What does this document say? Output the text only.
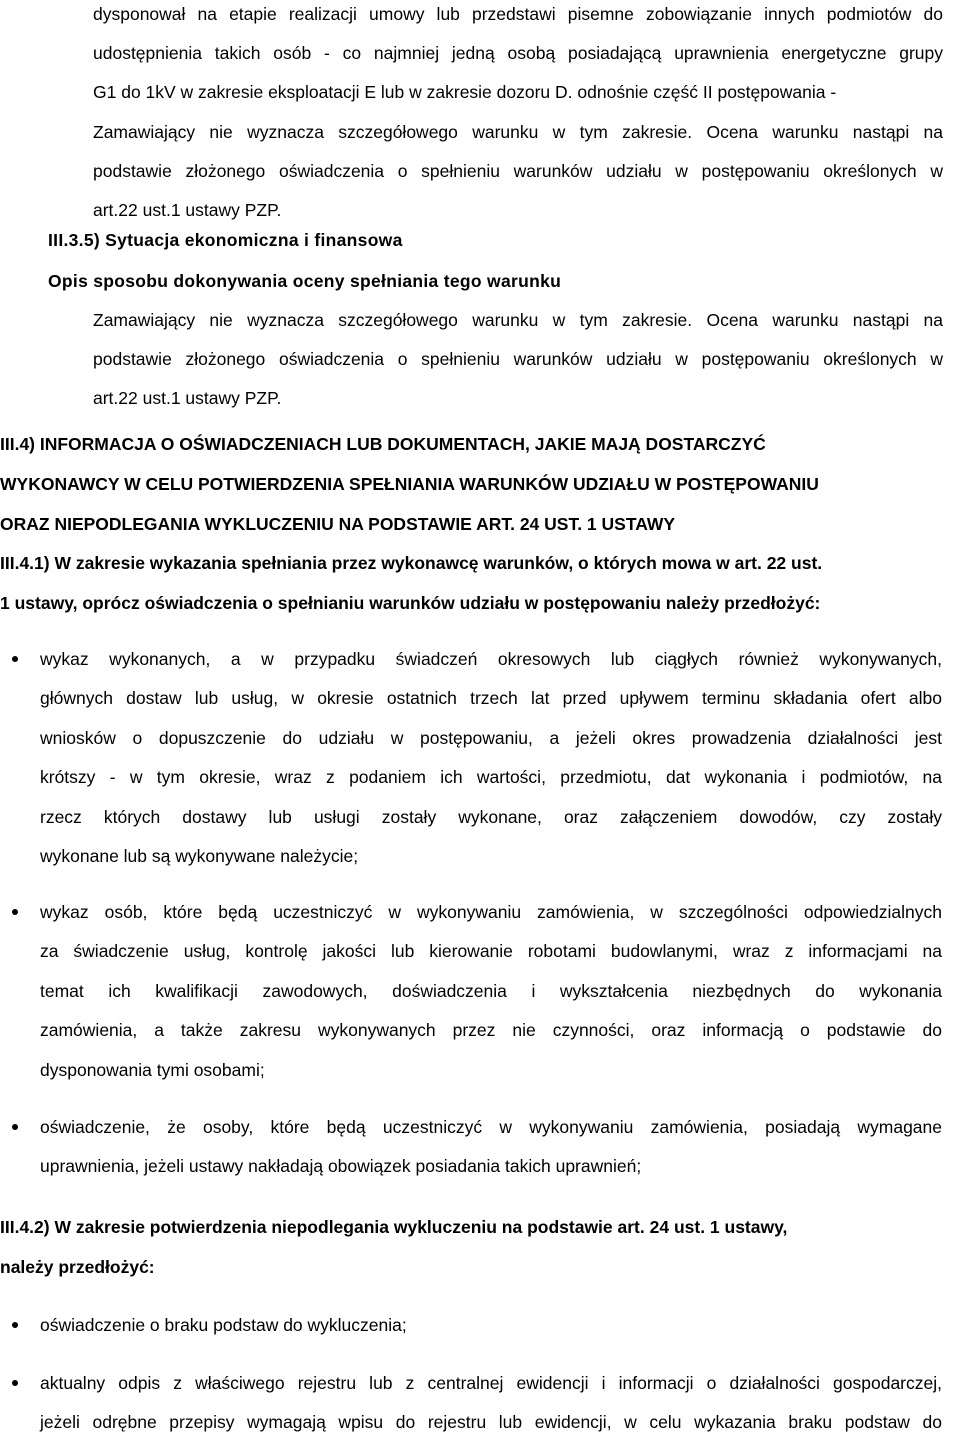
dysponował na etapie realizacji umowy lub przedstawi pisemne zobowiązanie innych podmiotów do
udostępnienia takich osób - co najmniej jedną osobą posiadającą uprawnienia energetyczne grupy
G1 do 1kV w zakresie eksploatacji E lub w zakresie dozoru D. odnośnie część II postępowania -
Zamawiający nie wyznacza szczegółowego warunku w tym zakresie. Ocena warunku nastąpi na
podstawie złożonego oświadczenia o spełnieniu warunków udziału w postępowaniu określonych w
art.22 ust.1 ustawy PZP.
III.3.5) Sytuacja ekonomiczna i finansowa
Opis sposobu dokonywania oceny spełniania tego warunku
Zamawiający nie wyznacza szczegółowego warunku w tym zakresie. Ocena warunku nastąpi na
podstawie złożonego oświadczenia o spełnieniu warunków udziału w postępowaniu określonych w
art.22 ust.1 ustawy PZP.
III.4) INFORMACJA O OŚWIADCZENIACH LUB DOKUMENTACH, JAKIE MAJĄ DOSTARCZYĆ
WYKONAWCY W CELU POTWIERDZENIA SPEŁNIANIA WARUNKÓW UDZIAŁU W POSTĘPOWANIU
ORAZ NIEPODLEGANIA WYKLUCZENIU NA PODSTAWIE ART. 24 UST. 1 USTAWY
III.4.1) W zakresie wykazania spełniania przez wykonawcę warunków, o których mowa w art. 22 ust.
1 ustawy, oprócz oświadczenia o spełnianiu warunków udziału w postępowaniu należy przedłożyć:
wykaz wykonanych, a w przypadku świadczeń okresowych lub ciągłych również wykonywanych,
głównych dostaw lub usług, w okresie ostatnich trzech lat przed upływem terminu składania ofert albo
wniosków o dopuszczenie do udziału w postępowaniu, a jeżeli okres prowadzenia działalności jest
krótszy - w tym okresie, wraz z podaniem ich wartości, przedmiotu, dat wykonania i podmiotów, na
rzecz których dostawy lub usługi zostały wykonane, oraz załączeniem dowodów, czy zostały
wykonane lub są wykonywane należycie;
wykaz osób, które będą uczestniczyć w wykonywaniu zamówienia, w szczególności odpowiedzialnych
za świadczenie usług, kontrolę jakości lub kierowanie robotami budowlanymi, wraz z informacjami na
temat ich kwalifikacji zawodowych, doświadczenia i wykształcenia niezbędnych do wykonania
zamówienia, a także zakresu wykonywanych przez nie czynności, oraz informacją o podstawie do
dysponowania tymi osobami;
oświadczenie, że osoby, które będą uczestniczyć w wykonywaniu zamówienia, posiadają wymagane
uprawnienia, jeżeli ustawy nakładają obowiązek posiadania takich uprawnień;
III.4.2) W zakresie potwierdzenia niepodlegania wykluczeniu na podstawie art. 24 ust. 1 ustawy,
należy przedłożyć:
oświadczenie o braku podstaw do wykluczenia;
aktualny odpis z właściwego rejestru lub z centralnej ewidencji i informacji o działalności gospodarczej,
jeżeli odrębne przepisy wymagają wpisu do rejestru lub ewidencji, w celu wykazania braku podstaw do
